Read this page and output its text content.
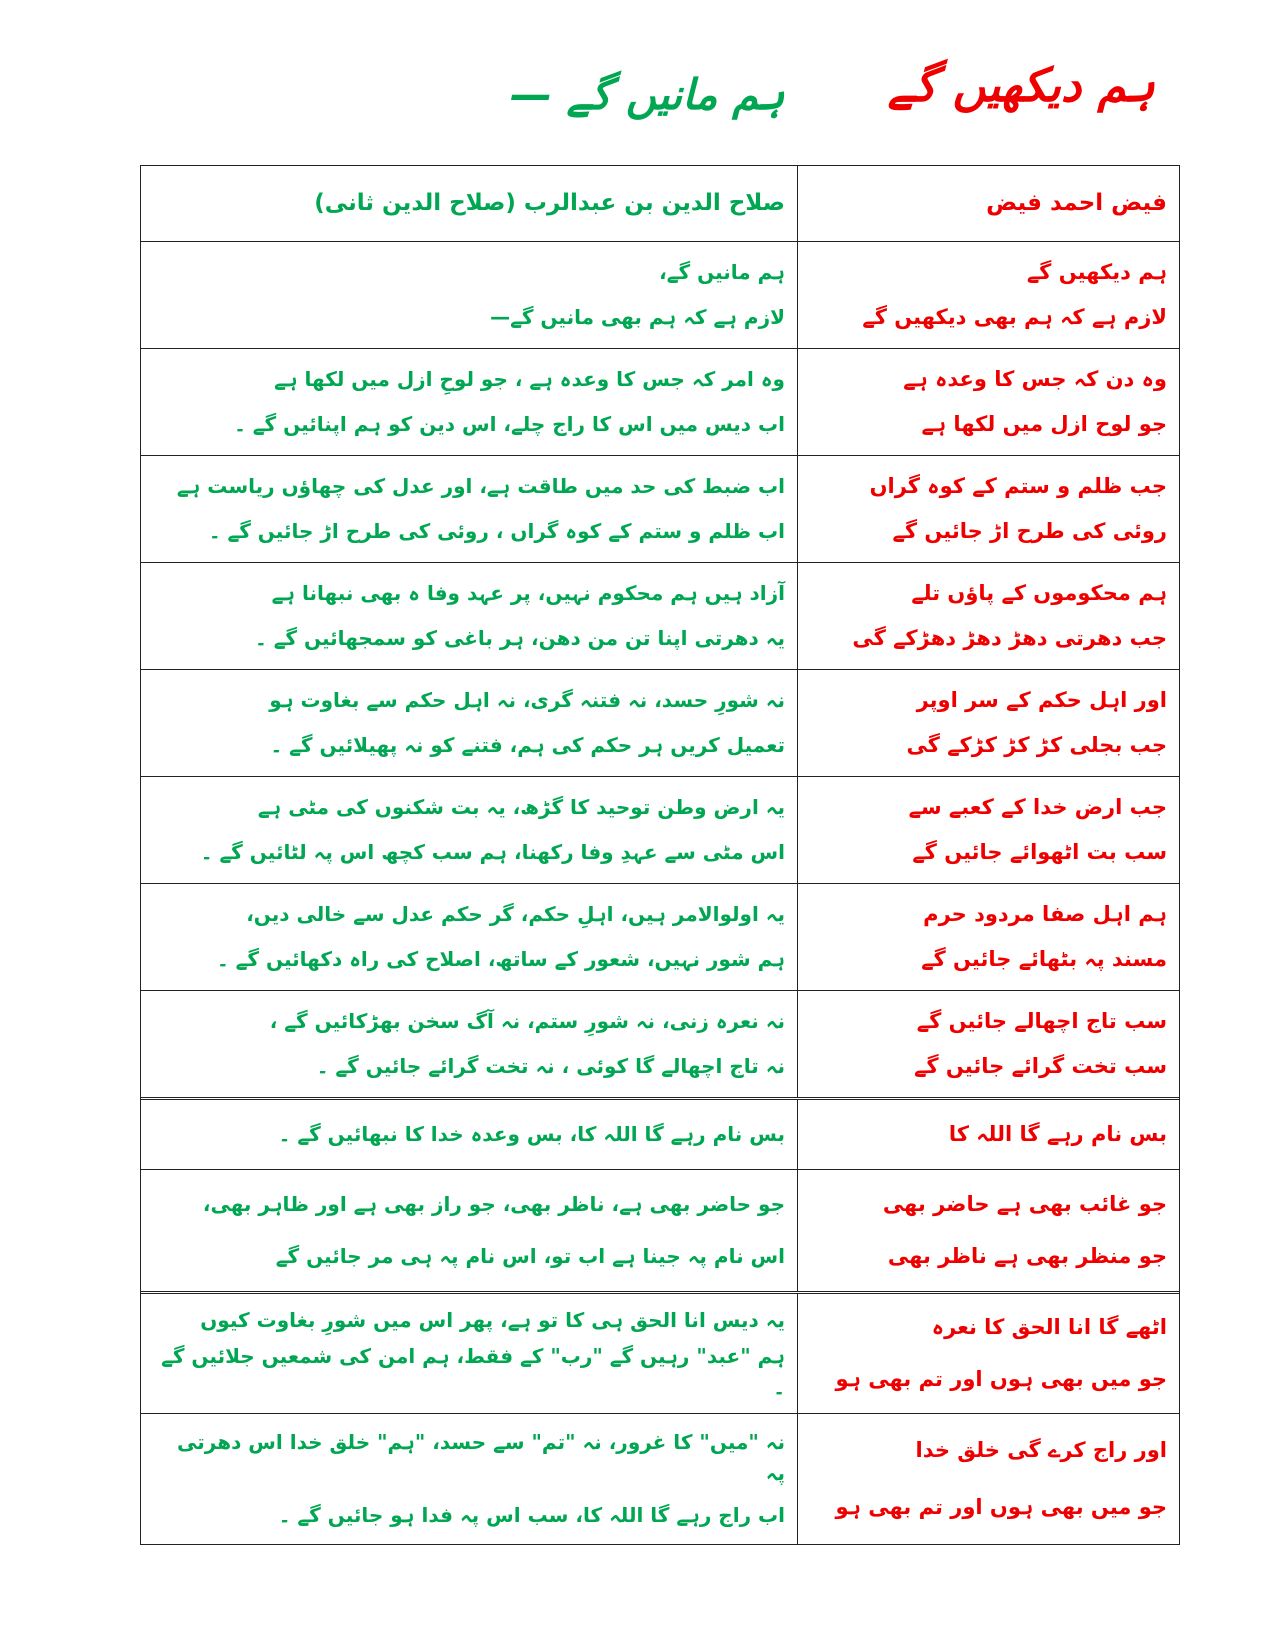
ہم مانیں گے — ہم دیکھیں گے
صلاح الدین بن عبدالرب (صلاح الدین ثانی)	فیض احمد فیض
ہم مانیں گے،
لازم ہے کہ ہم بھی مانیں گے—
ہم دیکھیں گے
لازم ہے کہ ہم بھی دیکھیں گے
وہ امر کہ جس کا وعدہ ہے ، جو لوحِ ازل میں لکھا ہے
اب دیس میں اس کا راج چلے، اس دین کو ہم اپنائیں گے ۔
وہ دن کہ جس کا وعدہ ہے
جو لوح ازل میں لکھا ہے
اب ضبط کی حد میں طاقت ہے، اور عدل کی چھاؤں ریاست ہے
اب ظلم و ستم کے کوہ گراں ، روئی کی طرح اڑ جائیں گے ۔
جب ظلم و ستم کے کوہ گراں
روئی کی طرح اڑ جائیں گے
آزاد ہیں ہم محکوم نہیں، پر عہد وفا ہ بھی نبھانا ہے
یہ دھرتی اپنا تن من دھن، ہر باغی کو سمجھائیں گے ۔
ہم محکوموں کے پاؤں تلے
جب دھرتی دھڑ دھڑ دھڑکے گی
نہ شورِ حسد، نہ فتنہ گری، نہ اہل حکم سے بغاوت ہو
تعمیل کریں ہر حکم کی ہم، فتنے کو نہ پھیلائیں گے ۔
اور اہل حکم کے سر اوپر
جب بجلی کڑ کڑ کڑکے گی
یہ ارض وطن توحید کا گڑھ، یہ بت شکنوں کی مٹی ہے
اس مٹی سے عہدِ وفا رکھنا، ہم سب کچھ اس پہ لٹائیں گے ۔
جب ارض خدا کے کعبے سے
سب بت اٹھوائے جائیں گے
یہ اولوالامر ہیں، اہلِ حکم، گر حکم عدل سے خالی دیں،
ہم شور نہیں، شعور کے ساتھ، اصلاح کی راہ دکھائیں گے ۔
ہم اہل صفا مردود حرم
مسند پہ بٹھائے جائیں گے
نہ نعرہ زنی، نہ شورِ ستم، نہ آگ سخن بھڑکائیں گے ،
نہ تاج اچھالے گا کوئی ، نہ تخت گرائے جائیں گے ۔
سب تاج اچھالے جائیں گے
سب تخت گرائے جائیں گے
بس نام رہے گا اللہ کا، بس وعدہ خدا کا نبھائیں گے ۔	بس نام رہے گا اللہ کا
جو حاضر بھی ہے، ناظر بھی، جو راز بھی ہے اور ظاہر بھی،
اس نام پہ جینا ہے اب تو، اس نام پہ ہی مر جائیں گے
جو غائب بھی ہے حاضر بھی
جو منظر بھی ہے ناظر بھی
یہ دیس انا الحق ہی کا تو ہے، پھر اس میں شورِ بغاوت کیوں
ہم "عبد" رہیں گے "رب" کے فقط، ہم امن کی شمعیں جلائیں گے ۔
اٹھے گا انا الحق کا نعرہ
جو میں بھی ہوں اور تم بھی ہو
نہ "میں" کا غرور، نہ "تم" سے حسد، "ہم" خلق خدا اس دھرتی پہ
اب راج رہے گا اللہ کا، سب اس پہ فدا ہو جائیں گے ۔
اور راج کرے گی خلق خدا
جو میں بھی ہوں اور تم بھی ہو
